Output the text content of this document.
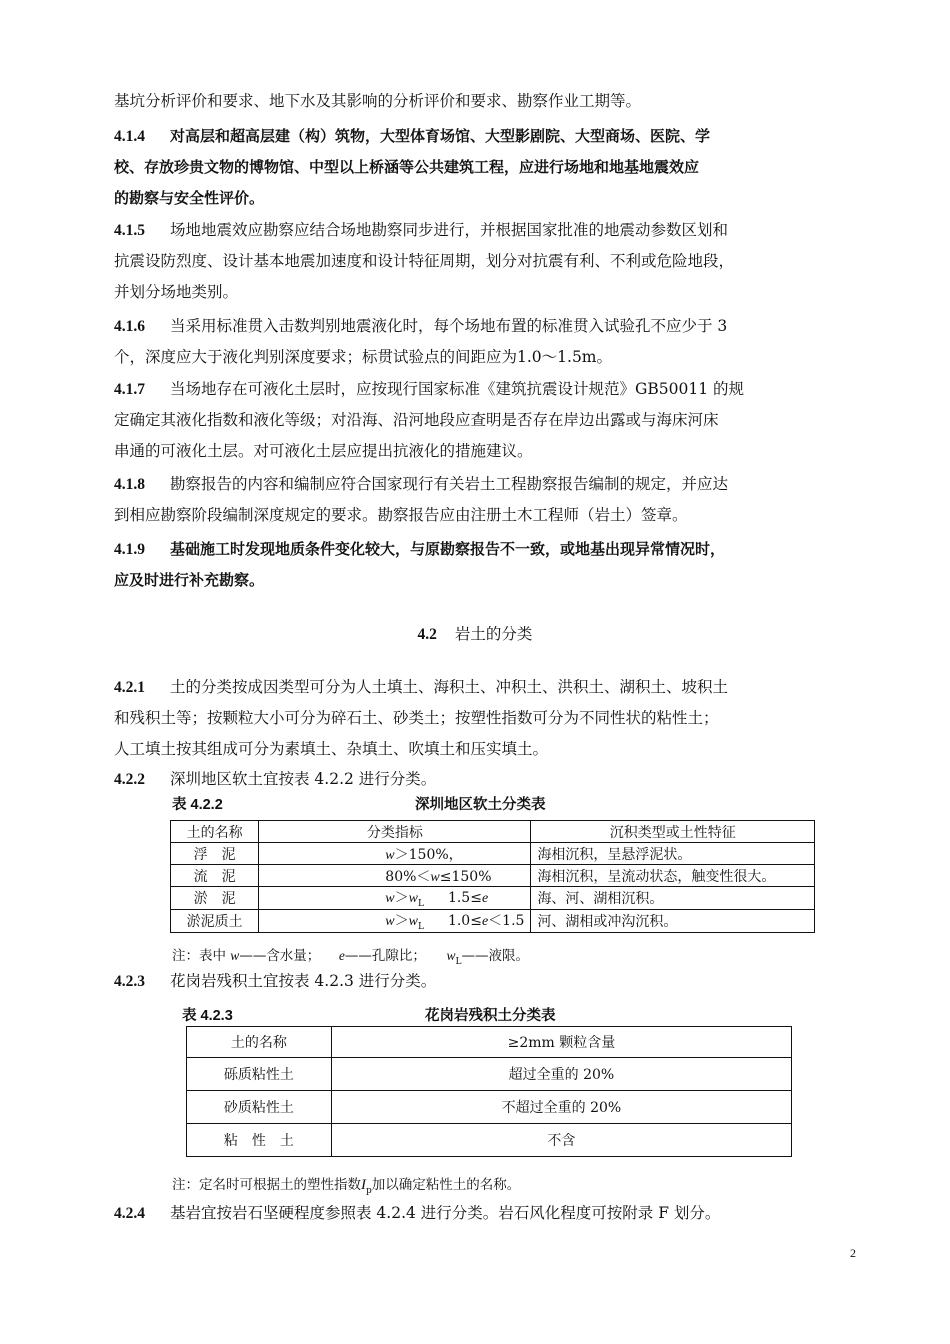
基坑分析评价和要求、地下水及其影响的分析评价和要求、勘察作业工期等。
4.1.4 对高层和超高层建（构）筑物，大型体育场馆、大型影剧院、大型商场、医院、学
校、存放珍贵文物的博物馆、中型以上桥涵等公共建筑工程，应进行场地和地基地震效应
的勘察与安全性评价。
4.1.5 场地地震效应勘察应结合场地勘察同步进行，并根据国家批准的地震动参数区划和
抗震设防烈度、设计基本地震加速度和设计特征周期，划分对抗震有利、不利或危险地段，
并划分场地类别。
4.1.6 当采用标准贯入击数判别地震液化时，每个场地布置的标准贯入试验孔不应少于 3
个，深度应大于液化判别深度要求；标贯试验点的间距应为1.0～1.5m。
4.1.7 当场地存在可液化土层时，应按现行国家标准《建筑抗震设计规范》GB50011 的规
定确定其液化指数和液化等级；对沿海、沿河地段应查明是否存在岸边出露或与海床河床
串通的可液化土层。对可液化土层应提出抗液化的措施建议。
4.1.8 勘察报告的内容和编制应符合国家现行有关岩土工程勘察报告编制的规定，并应达
到相应勘察阶段编制深度规定的要求。勘察报告应由注册土木工程师（岩土）签章。
4.1.9 基础施工时发现地质条件变化较大，与原勘察报告不一致，或地基出现异常情况时，
应及时进行补充勘察。
4.2 岩土的分类
4.2.1 土的分类按成因类型可分为人土填土、海积土、冲积土、洪积土、湖积土、坡积土
和残积土等；按颗粒大小可分为碎石土、砂类土；按塑性指数可分为不同性状的粘性土；
人工填土按其组成可分为素填土、杂填土、吹填土和压实填土。
4.2.2 深圳地区软土宜按表 4.2.2 进行分类。
表 4.2.2	深圳地区软土分类表
土的名称	分类指标	沉积类型或土性特征
浮　泥	w＞150%，	海相沉积，呈悬浮泥状。
流　泥	80%＜w≤150%	海相沉积，呈流动状态，触变性很大。
淤　泥	$w>w_L$ 1.5≤e	海、河、湖相沉积。
淤泥质土	$w>w_L$ 1.0≤e＜1.5	河、湖相或冲沟沉积。
注：表中 w——含水量； e——孔隙比； $w_L——$液限。
4.2.3 花岗岩残积土宜按表 4.2.3 进行分类。
表 4.2.3	花岗岩残积土分类表
土的名称	≥2mm 颗粒含量
砾质粘性土	超过全重的 20%
砂质粘性土	不超过全重的 20%
粘　性　土	不含
注：定名时可根据土的塑性指数$I_p$加以确定粘性土的名称。
4.2.4 基岩宜按岩石坚硬程度参照表 4.2.4 进行分类。岩石风化程度可按附录 F 划分。
2
